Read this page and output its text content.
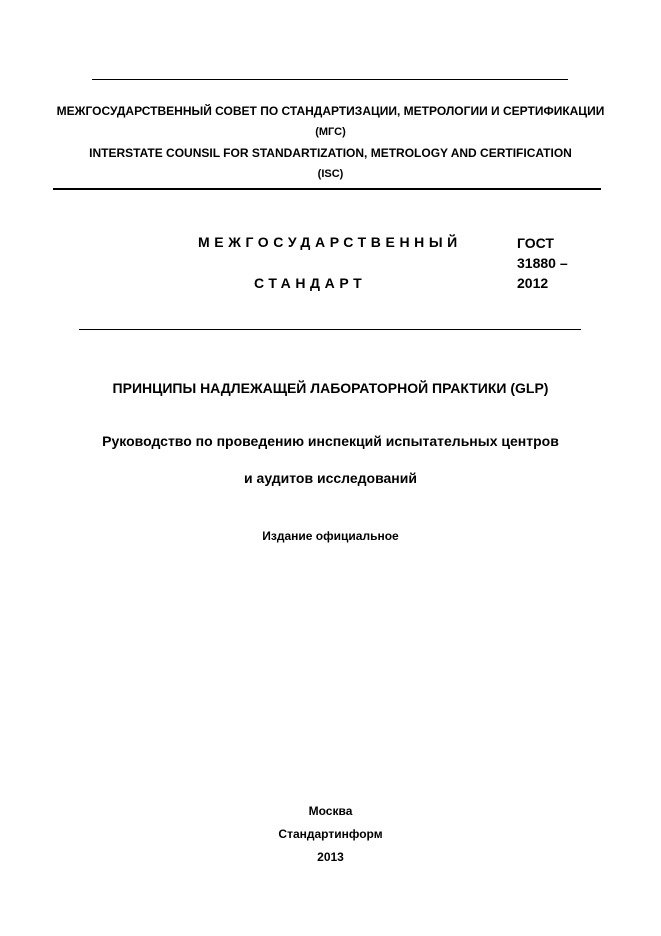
МЕЖГОСУДАРСТВЕННЫЙ СОВЕТ ПО СТАНДАРТИЗАЦИИ, МЕТРОЛОГИИ И СЕРТИФИКАЦИИ
(МГС)
INTERSTATE COUNSIL FOR STANDARTIZATION, METROLOGY AND CERTIFICATION
(ISC)
МЕЖГОСУДАРСТВЕННЫЙ
СТАНДАРТ
ГОСТ
31880 –
2012
ПРИНЦИПЫ НАДЛЕЖАЩЕЙ ЛАБОРАТОРНОЙ ПРАКТИКИ (GLP)
Руководство по проведению инспекций испытательных центров
и аудитов исследований
Издание официальное
Москва
Стандартинформ
2013
